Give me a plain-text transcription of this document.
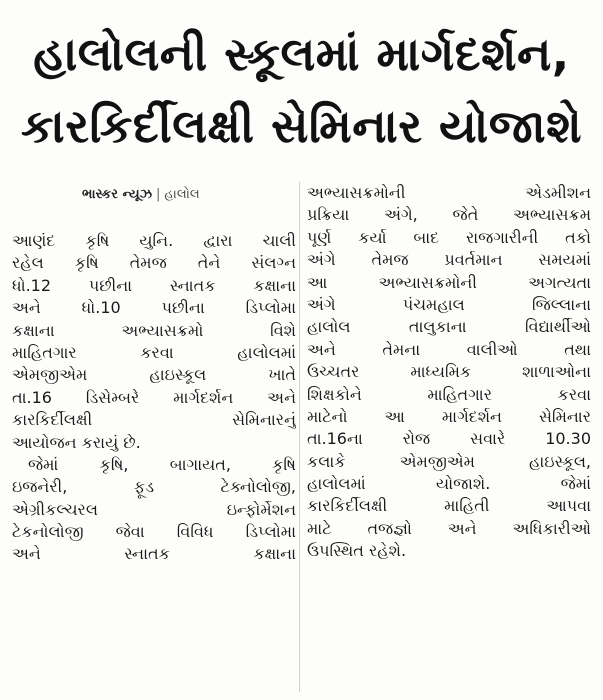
હાલોલની સ્કૂલમાં માર્ગદર્શન,
કારકિર્દીલક્ષી સેમિનાર યોજાશે
ભાસ્કર ન્યૂઝ | હાલોલ
આણંદ કૃષિ યુનિ. દ્વારા ચાલી
રહેલ કૃષિ તેમજ તેને સંલગ્ન
ધો.12 પછીના સ્નાતક કક્ષાના
અને ધો.10 પછીના ડિપ્લોમા
કક્ષાના અભ્યાસક્રમો વિશે
માહિતગાર કરવા હાલોલમાં
એમજીએમ હાઇસ્કૂલ ખાતે
તા.16 ડિસેમ્બરે માર્ગદર્શન અને
કારકિર્દીલક્ષી સેમિનારનું
આયોજન કરાયું છે.
જેમાં કૃષિ, બાગાયત, કૃષિ
ઇજનેરી, ફૂડ ટેક્નોલોજી,
એગ્રીકલ્ચરલ ઇન્ફોર્મેશન
ટેકનોલોજી જેવા વિવિધ ડિપ્લોમા
અને સ્નાતક કક્ષાના
અભ્યાસક્રમોની એડમીશન
પ્રક્રિયા અંગે, જેતે અભ્યાસક્રમ
પૂર્ણ કર્યા બાદ રાજગારીની તકો
અંગે તેમજ પ્રવર્તમાન સમયમાં
આ અભ્યાસક્રમોની અગત્યતા
અંગે પંચમહાલ જિલ્લાના
હાલોલ તાલુકાના વિદ્યાર્થીઓ
અને તેમના વાલીઓ તથા
ઉચ્ચતર માધ્યમિક શાળાઓના
શિક્ષકોને માહિતગાર કરવા
માટેનો આ માર્ગદર્શન સેમિનાર
તા.16ના રોજ સવારે 10.30
કલાકે એમજીએમ હાઇસ્કૂલ,
હાલોલમાં યોજાશે. જેમાં
કારકિર્દીલક્ષી માહિતી આપવા
માટે તજજ્ઞો અને અધિકારીઓ
ઉપસ્થિત રહેશે.
